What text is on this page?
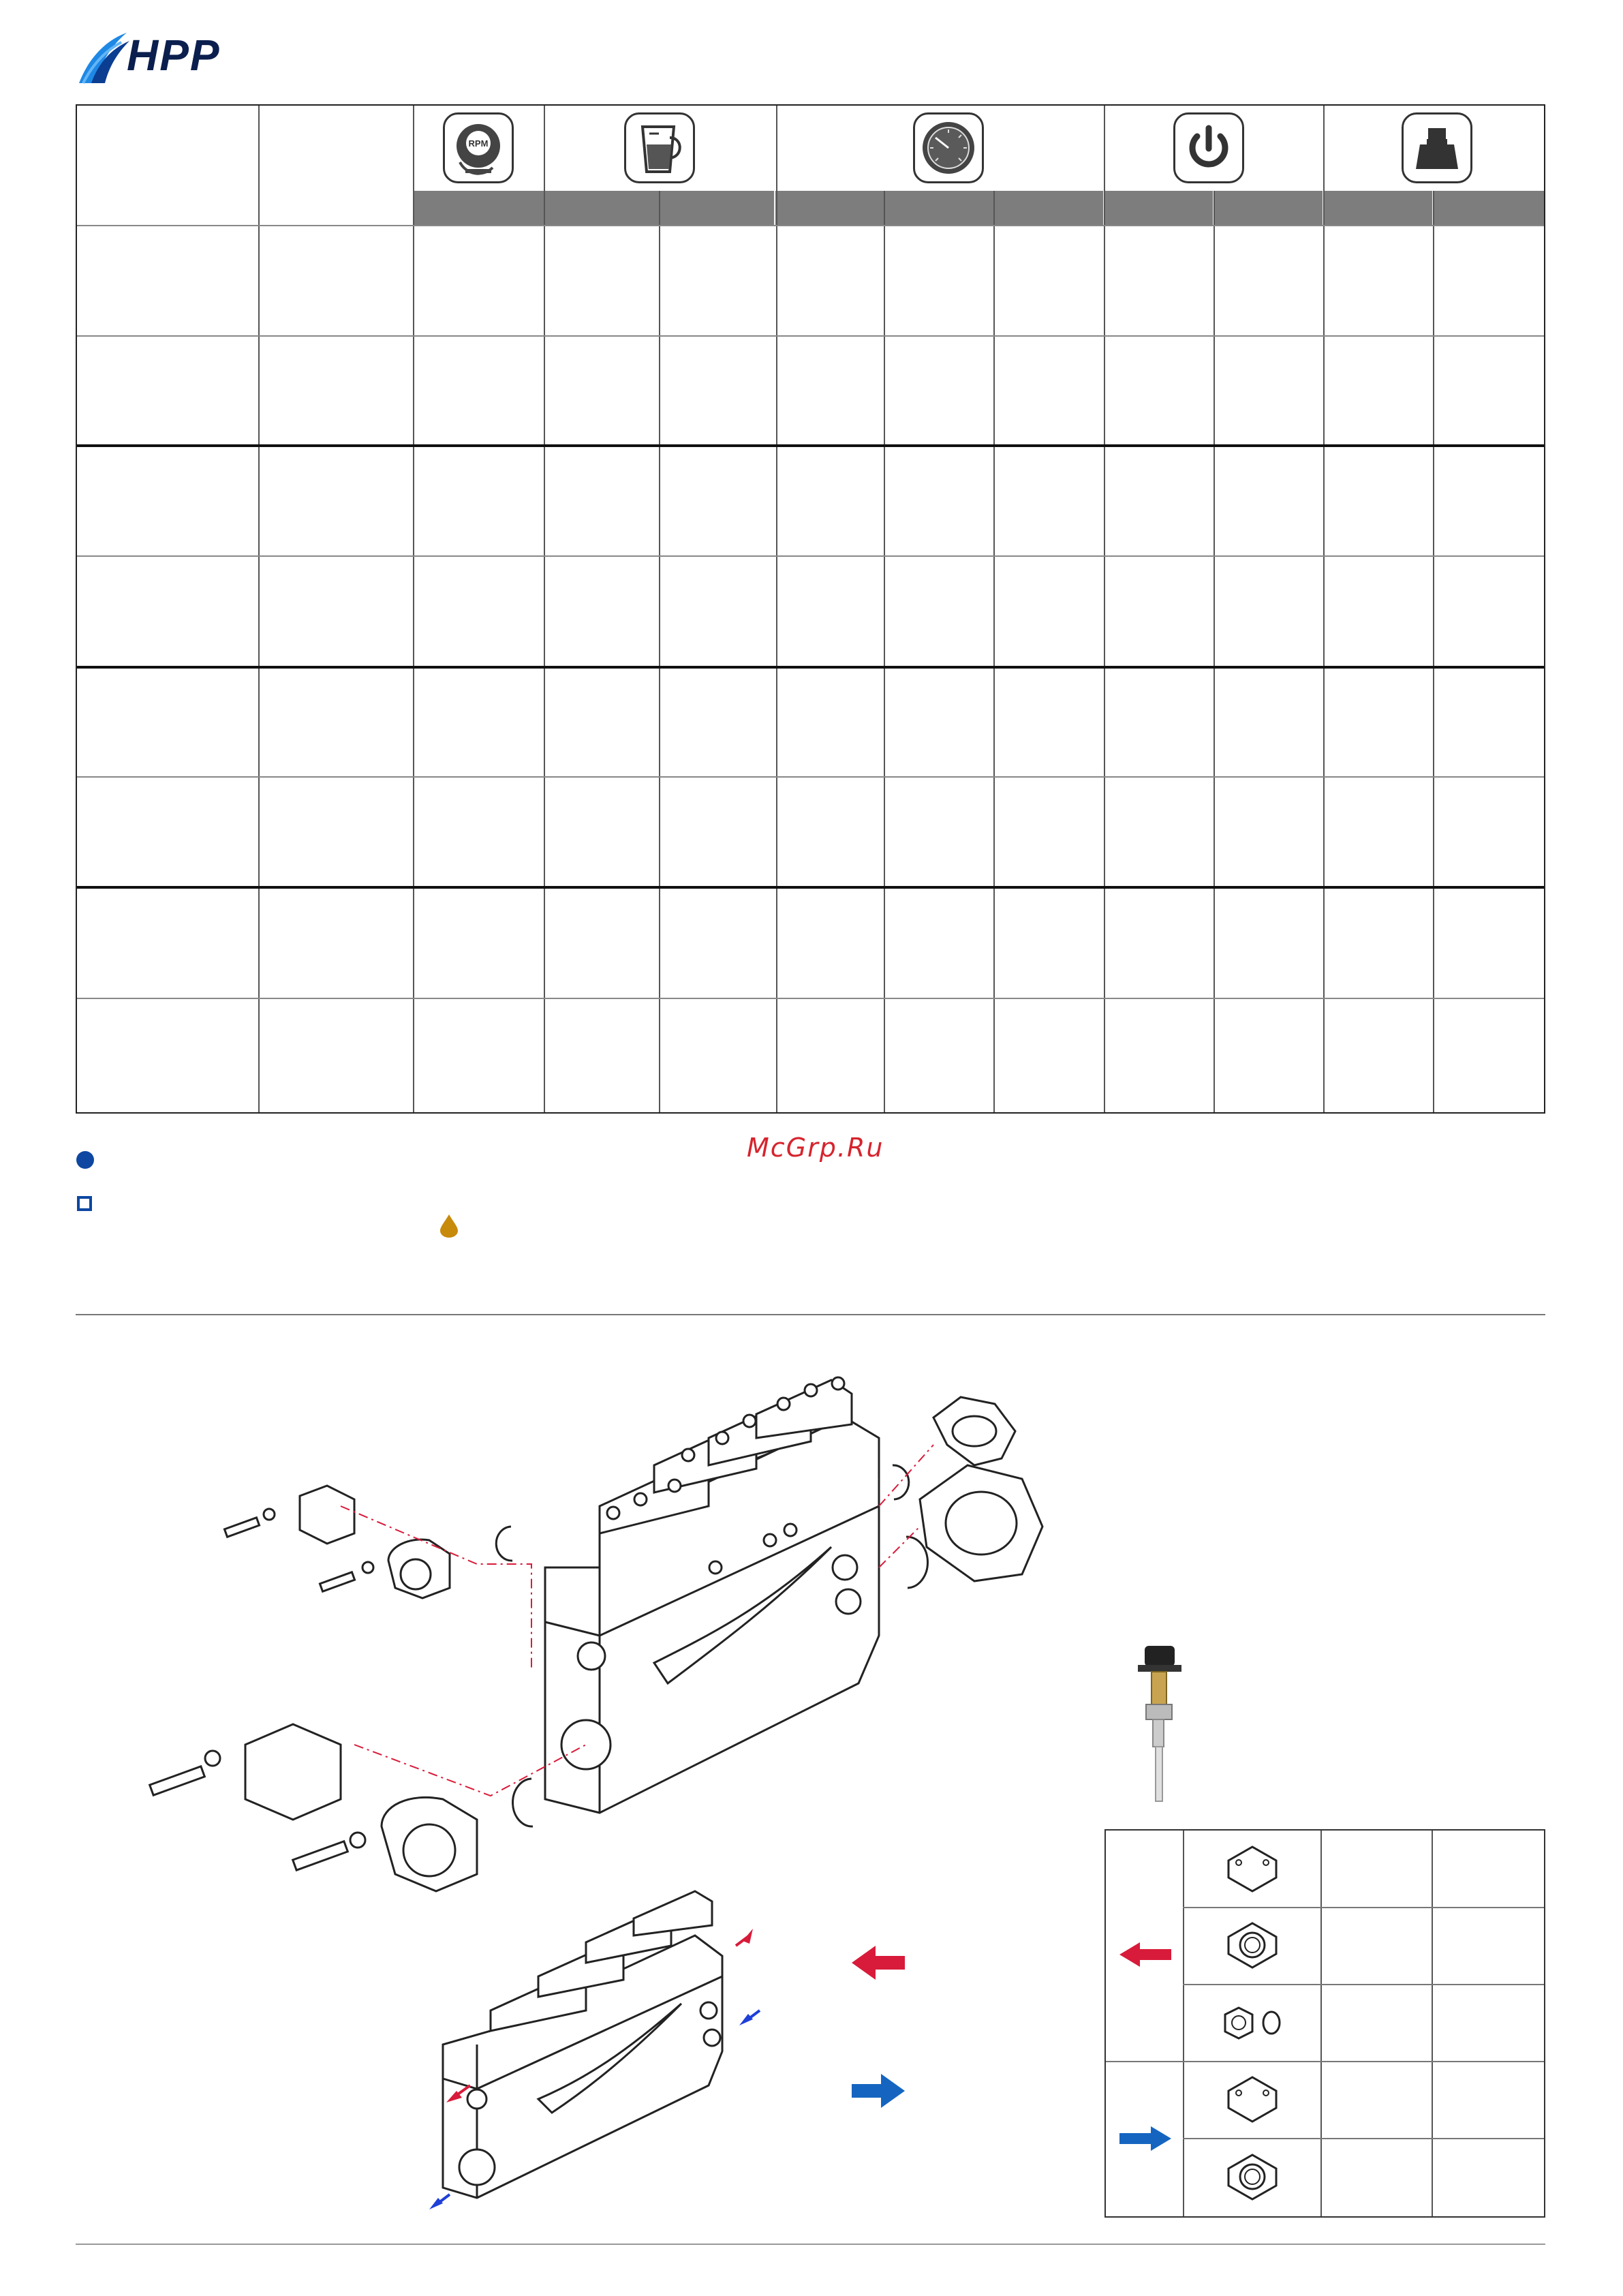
HPP
RPM
McGrp.Ru
